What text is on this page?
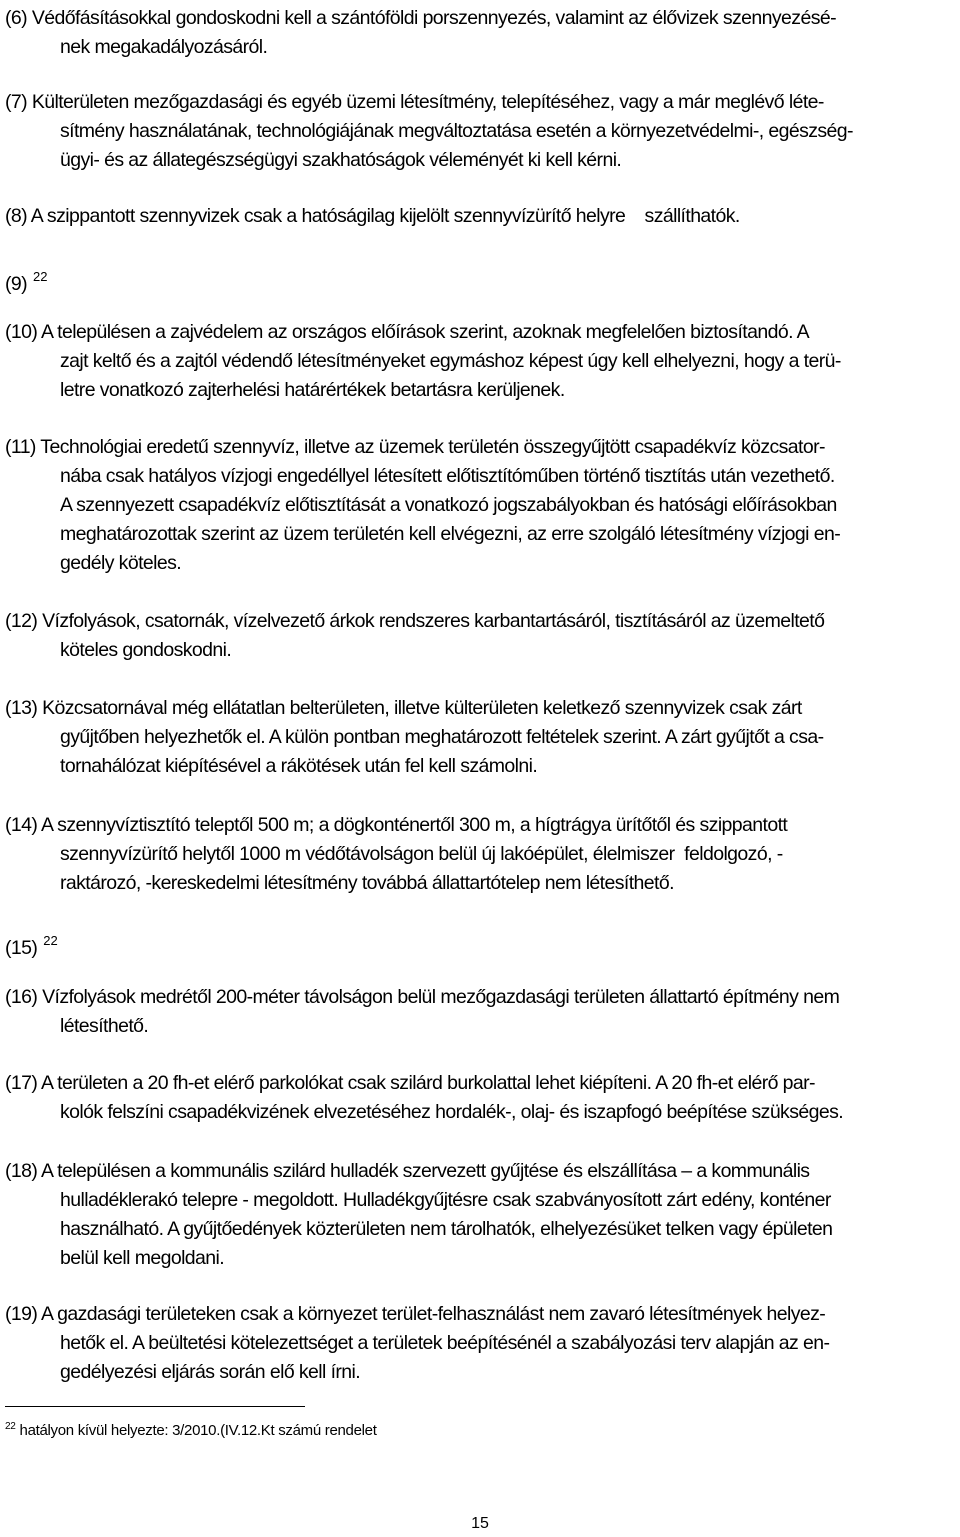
(6) Védőfásításokkal gondoskodni kell a szántóföldi porszennyezés, valamint az élővizek szennyezésé-
nek megakadályozásáról.
(7) Külterületen mezőgazdasági és egyéb üzemi létesítmény, telepítéséhez, vagy a már meglévő léte-
sítmény használatának, technológiájának megváltoztatása esetén a környezetvédelmi-, egészség-
ügyi- és az állategészségügyi szakhatóságok véleményét ki kell kérni.
(8) A szippantott szennyvizek csak a hatóságilag kijelölt szennyvízürítő helyre    szállíthatók.
(9) $^{22}$
(10) A településen a zajvédelem az országos előírások szerint, azoknak megfelelően biztosítandó. A
zajt keltő és a zajtól védendő létesítményeket egymáshoz képest úgy kell elhelyezni, hogy a terü-
letre vonatkozó zajterhelési határértékek betartásra kerüljenek.
(11) Technológiai eredetű szennyvíz, illetve az üzemek területén összegyűjtött csapadékvíz közcsator-
nába csak hatályos vízjogi engedéllyel létesített előtisztítóműben történő tisztítás után vezethető.
A szennyezett csapadékvíz előtisztítását a vonatkozó jogszabályokban és hatósági előírásokban
meghatározottak szerint az üzem területén kell elvégezni, az erre szolgáló létesítmény vízjogi en-
gedély köteles.
(12) Vízfolyások, csatornák, vízelvezető árkok rendszeres karbantartásáról, tisztításáról az üzemeltető
köteles gondoskodni.
(13) Közcsatornával még ellátatlan belterületen, illetve külterületen keletkező szennyvizek csak zárt
gyűjtőben helyezhetők el. A külön pontban meghatározott feltételek szerint. A zárt gyűjtőt a csa-
tornahálózat kiépítésével a rákötések után fel kell számolni.
(14) A szennyvíztisztító teleptől 500 m; a dögkonténertől 300 m, a hígtrágya ürítőtől és szippantott
szennyvízürítő helytől 1000 m védőtávolságon belül új lakóépület, élelmiszer  feldolgozó, -
raktározó, -kereskedelmi létesítmény továbbá állattartótelep nem létesíthető.
(15) $^{22}$
(16) Vízfolyások medrétől 200-méter távolságon belül mezőgazdasági területen állattartó építmény nem
létesíthető.
(17) A területen a 20 fh-et elérő parkolókat csak szilárd burkolattal lehet kiépíteni. A 20 fh-et elérő par-
kolók felszíni csapadékvizének elvezetéséhez hordalék-, olaj- és iszapfogó beépítése szükséges.
(18) A településen a kommunális szilárd hulladék szervezett gyűjtése és elszállítása – a kommunális
hulladéklerakó telepre - megoldott. Hulladékgyűjtésre csak szabványosított zárt edény, konténer
használható. A gyűjtőedények közterületen nem tárolhatók, elhelyezésüket telken vagy épületen
belül kell megoldani.
(19) A gazdasági területeken csak a környezet terület-felhasználást nem zavaró létesítmények helyez-
hetők el. A beültetési kötelezettséget a területek beépítésénél a szabályozási terv alapján az en-
gedélyezési eljárás során elő kell írni.
$^{22}$ hatályon kívül helyezte: 3/2010.(IV.12.Kt számú rendelet
15
